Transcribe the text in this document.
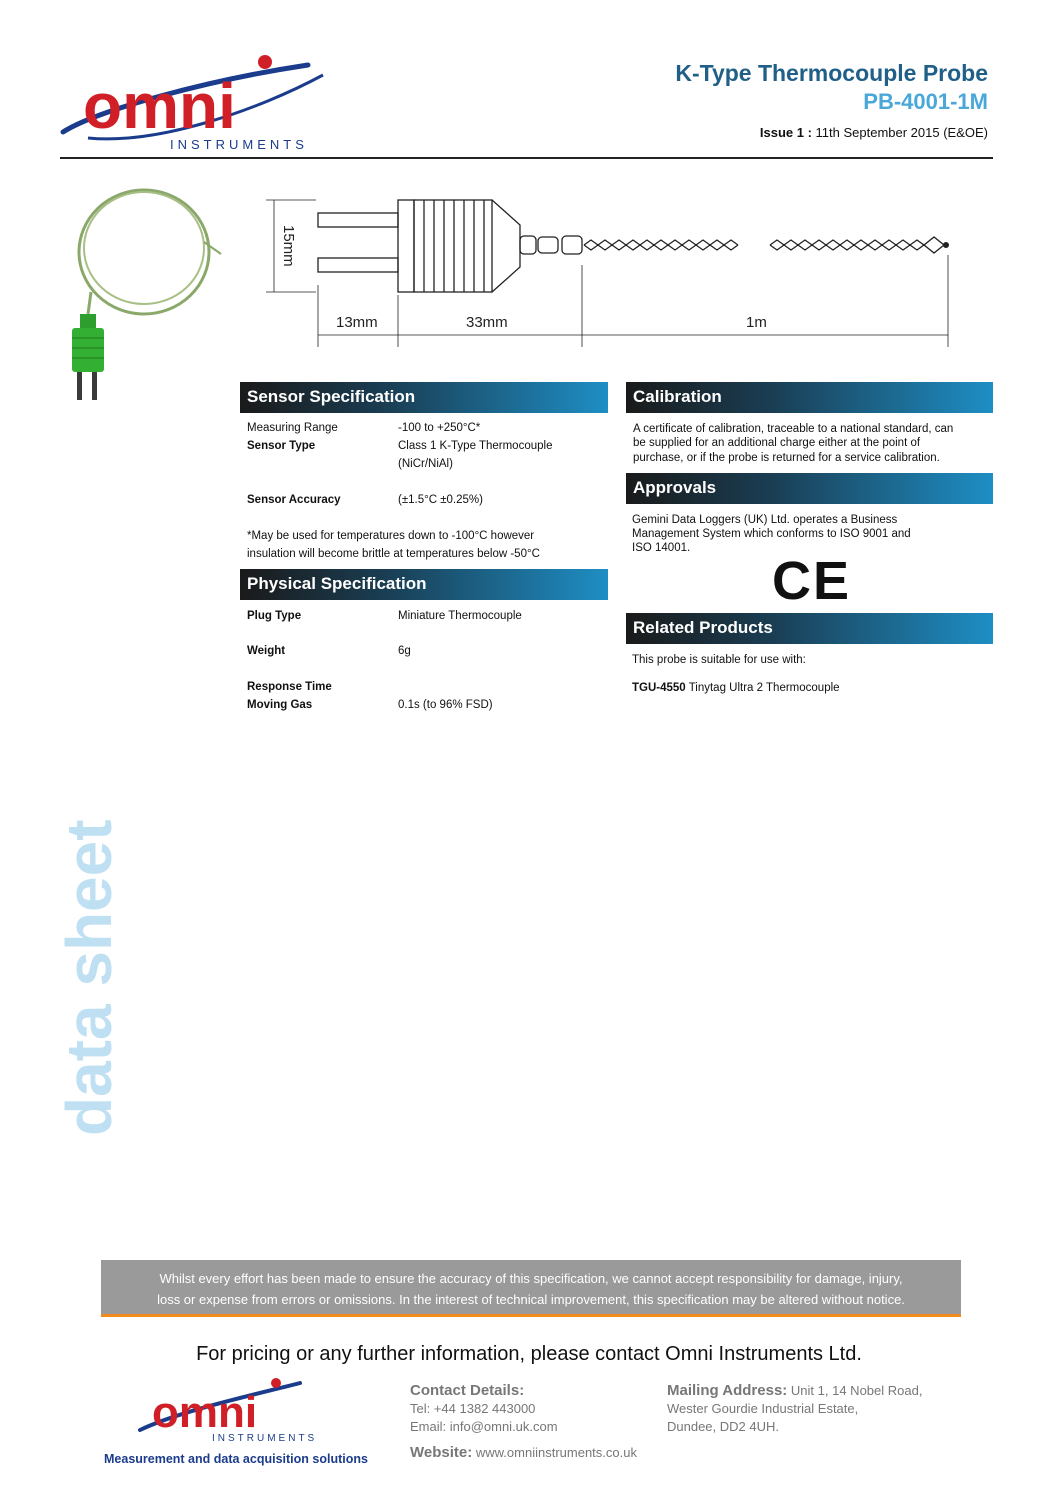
omni
INSTRUMENTS
K-Type Thermocouple Probe
PB-4001-1M
Issue 1 : 11th September 2015 (E&OE)
15mm
13mm	33mm	1m
Sensor Specification
Measuring Range	-100 to +250°C*
Sensor Type	Class 1 K-Type Thermocouple
(NiCr/NiAl)
Sensor Accuracy	(±1.5°C ±0.25%)
*May be used for temperatures down to -100°C however
insulation will become brittle at temperatures below -50°C
Physical Specification
Plug Type	Miniature Thermocouple
Weight	6g
Response Time
Moving Gas	0.1s (to 96% FSD)
Calibration
A certificate of calibration, traceable to a national standard, can
be supplied for an additional charge either at the point of
purchase, or if the probe is returned for a service calibration.
Approvals
Gemini Data Loggers (UK) Ltd. operates a Business
Management System which conforms to ISO 9001 and
ISO 14001.
CE
Related Products
This probe is suitable for use with:
TGU-4550 Tinytag Ultra 2 Thermocouple
data sheet
Whilst every effort has been made to ensure the accuracy of this specification, we cannot accept responsibility for damage, injury,
loss or expense from errors or omissions. In the interest of technical improvement, this specification may be altered without notice.
For pricing or any further information, please contact Omni Instruments Ltd.
omni
INSTRUMENTS
Measurement and data acquisition solutions
Contact Details:
Tel: +44 1382 443000
Email: info@omni.uk.com
Website: www.omniinstruments.co.uk
Mailing Address: Unit 1, 14 Nobel Road,
Wester Gourdie Industrial Estate,
Dundee, DD2 4UH.
